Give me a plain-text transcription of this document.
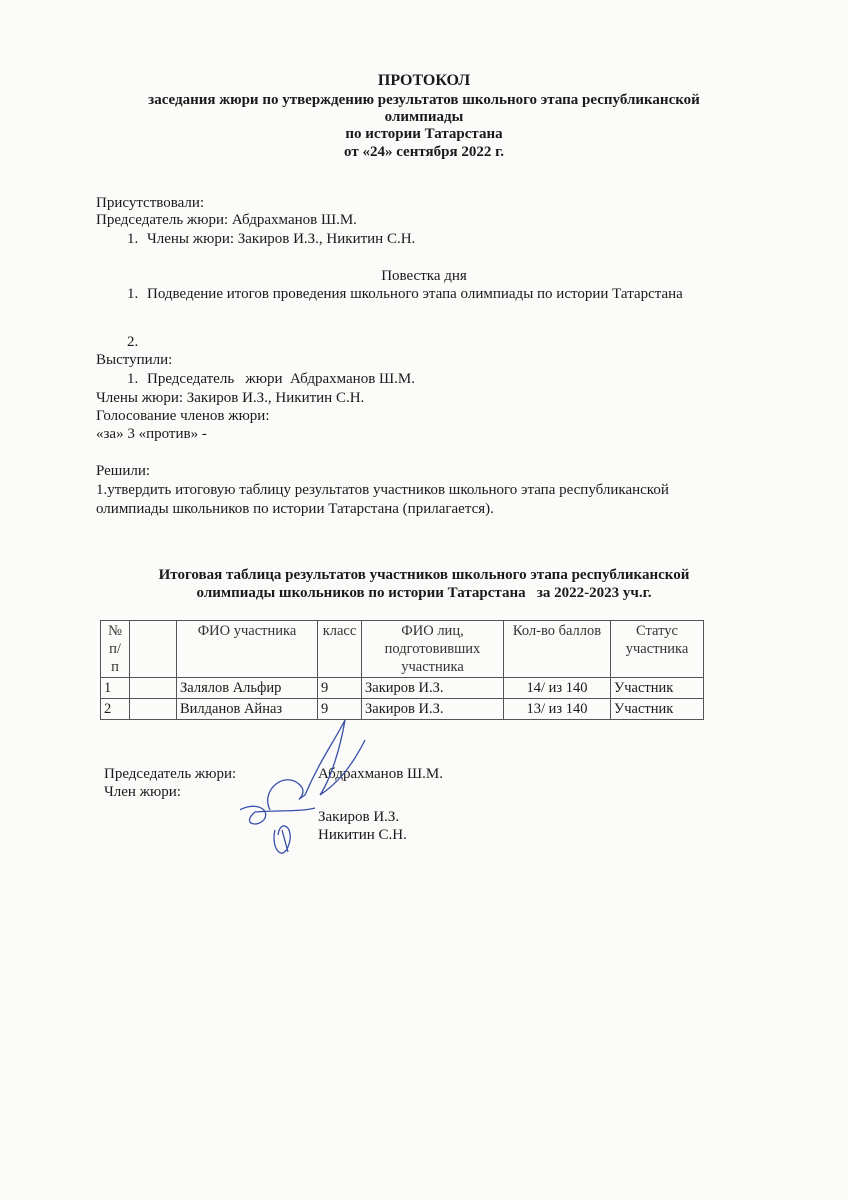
ПРОТОКОЛ
заседания жюри по утверждению результатов школьного этапа республиканской
олимпиады
по истории Татарстана
от «24» сентября 2022 г.
Присутствовали:
Председатель жюри: Абдрахманов Ш.М.
1. Члены жюри: Закиров И.З., Никитин С.Н.
Повестка дня
1. Подведение итогов проведения школьного этапа олимпиады по истории Татарстана
2.
Выступили:
1. Председатель   жюри  Абдрахманов Ш.М.
Члены жюри: Закиров И.З., Никитин С.Н.
Голосование членов жюри:
«за» 3 «против» -
Решили:
1.утвердить итоговую таблицу результатов участников школьного этапа республиканской
олимпиады школьников по истории Татарстана (прилагается).
Итоговая таблица результатов участников школьного этапа республиканской
олимпиады школьников по истории Татарстана   за 2022-2023 уч.г.
№ п/ п		ФИО участника	класс	ФИО лиц, подготовивших участника	Кол-во баллов	Статус участника
1		Залялов Альфир	9	Закиров И.З.	14/ из 140	Участник
2		Вилданов Айназ	9	Закиров И.З.	13/ из 140	Участник
Председатель жюри:	Абдрахманов Ш.М.
Член жюри:
Закиров И.З.
Никитин С.Н.
